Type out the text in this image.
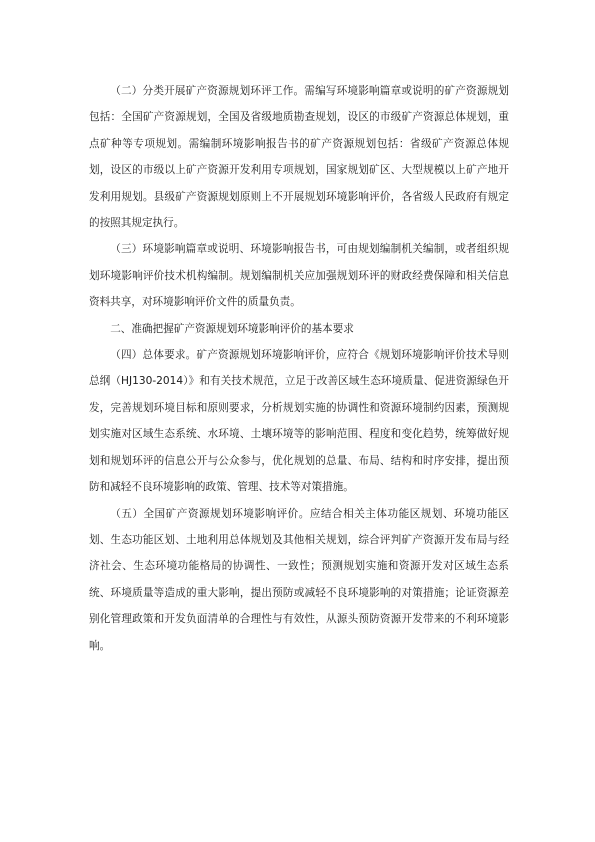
（二）分类开展矿产资源规划环评工作。需编写环境影响篇章或说明的矿产资源规划包括：全国矿产资源规划，全国及省级地质勘查规划，设区的市级矿产资源总体规划，重点矿种等专项规划。需编制环境影响报告书的矿产资源规划包括：省级矿产资源总体规划，设区的市级以上矿产资源开发利用专项规划，国家规划矿区、大型规模以上矿产地开发利用规划。县级矿产资源规划原则上不开展规划环境影响评价，各省级人民政府有规定的按照其规定执行。

（三）环境影响篇章或说明、环境影响报告书，可由规划编制机关编制，或者组织规划环境影响评价技术机构编制。规划编制机关应加强规划环评的财政经费保障和相关信息资料共享，对环境影响评价文件的质量负责。

二、准确把握矿产资源规划环境影响评价的基本要求

（四）总体要求。矿产资源规划环境影响评价，应符合《规划环境影响评价技术导则总纲（HJ130-2014）》和有关技术规范，立足于改善区域生态环境质量、促进资源绿色开发，完善规划环境目标和原则要求，分析规划实施的协调性和资源环境制约因素，预测规划实施对区域生态系统、水环境、土壤环境等的影响范围、程度和变化趋势，统筹做好规划和规划环评的信息公开与公众参与，优化规划的总量、布局、结构和时序安排，提出预防和减轻不良环境影响的政策、管理、技术等对策措施。

（五）全国矿产资源规划环境影响评价。应结合相关主体功能区规划、环境功能区划、生态功能区划、土地利用总体规划及其他相关规划，综合评判矿产资源开发布局与经济社会、生态环境功能格局的协调性、一致性；预测规划实施和资源开发对区域生态系统、环境质量等造成的重大影响，提出预防或减轻不良环境影响的对策措施；论证资源差别化管理政策和开发负面清单的合理性与有效性，从源头预防资源开发带来的不利环境影响。
